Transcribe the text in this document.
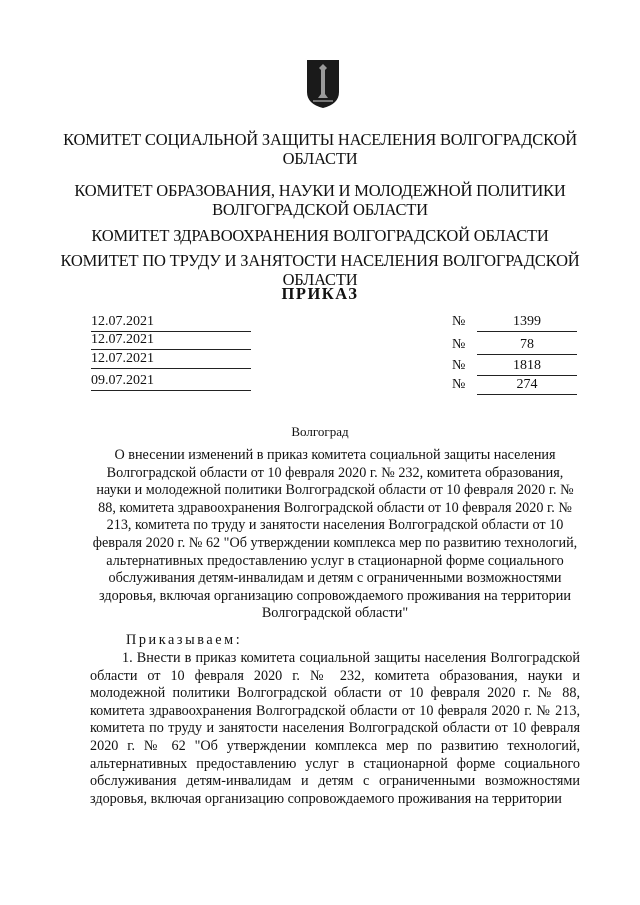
КОМИТЕТ СОЦИАЛЬНОЙ ЗАЩИТЫ НАСЕЛЕНИЯ ВОЛГОГРАДСКОЙ ОБЛАСТИ
КОМИТЕТ ОБРАЗОВАНИЯ, НАУКИ И МОЛОДЕЖНОЙ ПОЛИТИКИ ВОЛГОГРАДСКОЙ ОБЛАСТИ
КОМИТЕТ ЗДРАВООХРАНЕНИЯ ВОЛГОГРАДСКОЙ ОБЛАСТИ
КОМИТЕТ ПО ТРУДУ И ЗАНЯТОСТИ НАСЕЛЕНИЯ ВОЛГОГРАДСКОЙ ОБЛАСТИ
ПРИКАЗ
12.07.2021	№	1399
12.07.2021	№	78
12.07.2021	№	1818
09.07.2021	№	274
Волгоград
О внесении изменений в приказ комитета социальной защиты населения Волгоградской области от 10 февраля 2020 г. № 232, комитета образования, науки и молодежной политики Волгоградской области от 10 февраля 2020 г. № 88, комитета здравоохранения Волгоградской области от 10 февраля 2020 г. № 213, комитета по труду и занятости населения Волгоградской области от 10 февраля 2020 г. № 62 "Об утверждении комплекса мер по развитию технологий, альтернативных предоставлению услуг в стационарной форме социального обслуживания детям-инвалидам и детям с ограниченными возможностями здоровья, включая организацию сопровождаемого проживания на территории Волгоградской области"
Приказываем:
1. Внести в приказ комитета социальной защиты населения Волгоградской области от 10 февраля 2020 г. № 232, комитета образования, науки и молодежной политики Волгоградской области от 10 февраля 2020 г. № 88, комитета здравоохранения Волгоградской области от 10 февраля 2020 г. № 213, комитета по труду и занятости населения Волгоградской области от 10 февраля 2020 г. № 62 "Об утверждении комплекса мер по развитию технологий, альтернативных предоставлению услуг в стационарной форме социального обслуживания детям-инвалидам и детям с ограниченными возможностями здоровья, включая организацию сопровождаемого проживания на территории
